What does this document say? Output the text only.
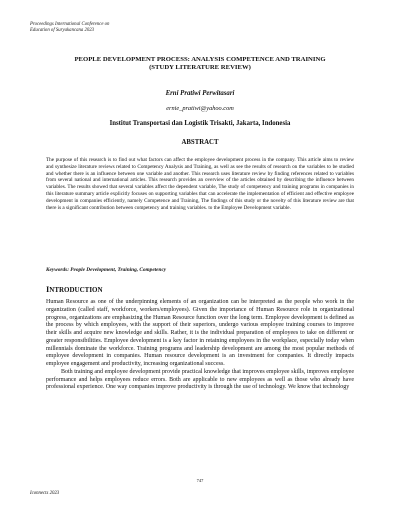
Proceedings International Conference on
Education of Suryakancana 2023
PEOPLE DEVELOPMENT PROCESS: ANALYSIS COMPETENCE AND TRAINING
(STUDY LITERATURE REVIEW)
Erni Pratiwi Perwitasari
ernie_pratiwi@yahoo.com
Institut Transportasi dan Logistik Trisakti, Jakarta, Indonesia
ABSTRACT

The purpose of this research is to find out what factors can affect the employee development process in the company. This article aims to review and synthesize literature reviews related to Competency Analysis and Training, as well as see the results of research on the variables to be studied and whether there is an influence between one variable and another. This research uses literature review by finding references related to variables from several national and international articles. This research provides an overview of the articles obtained by describing the influence between variables. The results showed that several variables affect the dependent variable, The study of competency and training programs in companies in this literature summary article explicitly focuses on supporting variables that can accelerate the implementation of efficient and effective employee development in companies efficiently, namely Competence and Training, The findings of this study or the novelty of this literature review are that there is a significant contribution between competency and training variables. to the Employee Development variable.

Keywords: People Development, Training, Competency

INTRODUCTION

Human Resource as one of the underpinning elements of an organization can be interpreted as the people who work in the organization (called staff, workforce, workers/employees). Given the importance of Human Resource role in organizational progress, organizations are emphasizing the Human Resource function over the long term. Employee development is defined as the process by which employees, with the support of their superiors, undergo various employee training courses to improve their skills and acquire new knowledge and skills. Rather, it is the individual preparation of employees to take on different or greater responsibilities. Employee development is a key factor in retaining employees in the workplace, especially today when millennials dominate the workforce. Training programs and leadership development are among the most popular methods of employee development in companies. Human resource development is an investment for companies. It directly impacts employee engagement and productivity, increasing organizational success.

Both training and employee development provide practical knowledge that improves employee skills, improves employee performance and helps employees reduce errors. Both are applicable to new employees as well as those who already have professional experience. One way companies improve productivity is through the use of technology. We know that technology

747
Iconnects 2023
